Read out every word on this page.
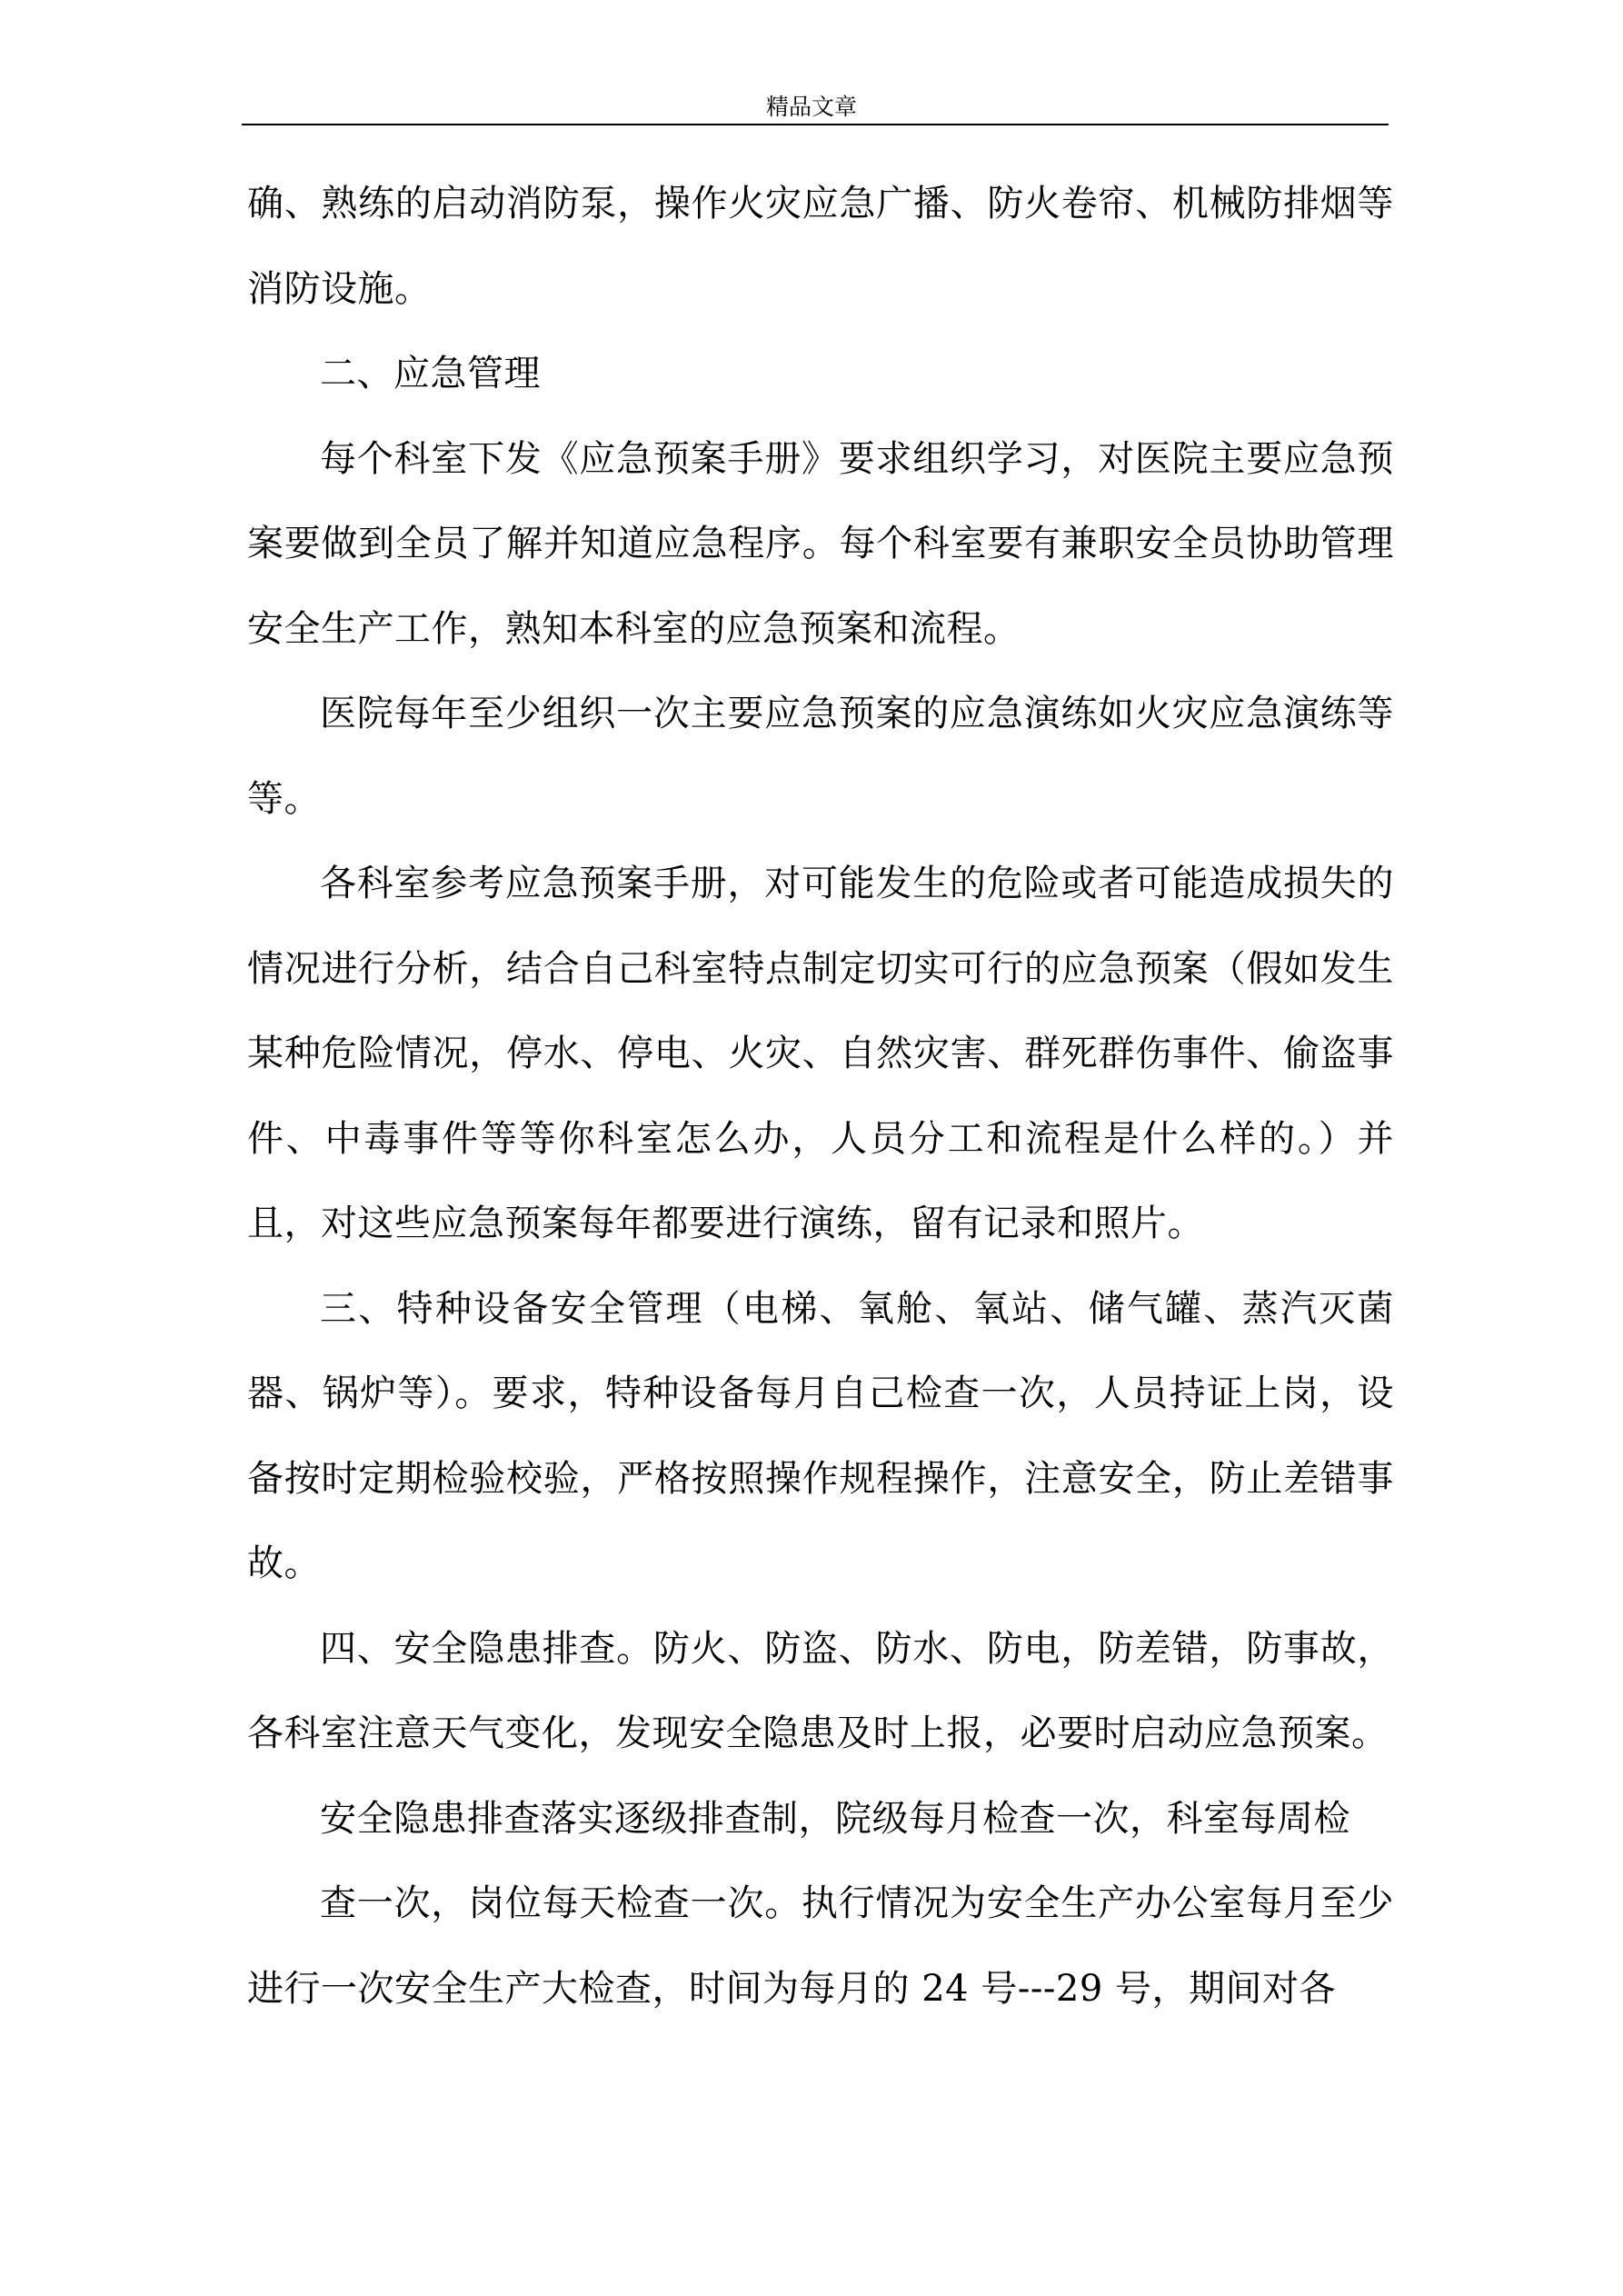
精品文章

确、熟练的启动消防泵，操作火灾应急广播、防火卷帘、机械防排烟等消防设施。

二、应急管理

每个科室下发《应急预案手册》要求组织学习，对医院主要应急预案要做到全员了解并知道应急程序。每个科室要有兼职安全员协助管理安全生产工作，熟知本科室的应急预案和流程。

医院每年至少组织一次主要应急预案的应急演练如火灾应急演练等等。

各科室参考应急预案手册，对可能发生的危险或者可能造成损失的情况进行分析，结合自己科室特点制定切实可行的应急预案（假如发生某种危险情况，停水、停电、火灾、自然灾害、群死群伤事件、偷盗事件、中毒事件等等你科室怎么办，人员分工和流程是什么样的。）并且，对这些应急预案每年都要进行演练，留有记录和照片。

三、特种设备安全管理（电梯、氧舱、氧站、储气罐、蒸汽灭菌器、锅炉等）。要求，特种设备每月自己检查一次，人员持证上岗，设备按时定期检验校验，严格按照操作规程操作，注意安全，防止差错事故。

四、安全隐患排查。防火、防盗、防水、防电，防差错，防事故，各科室注意天气变化，发现安全隐患及时上报，必要时启动应急预案。

安全隐患排查落实逐级排查制，院级每月检查一次，科室每周检

查一次，岗位每天检查一次。执行情况为安全生产办公室每月至少进行一次安全生产大检查，时间为每月的 24 号---29 号，期间对各
